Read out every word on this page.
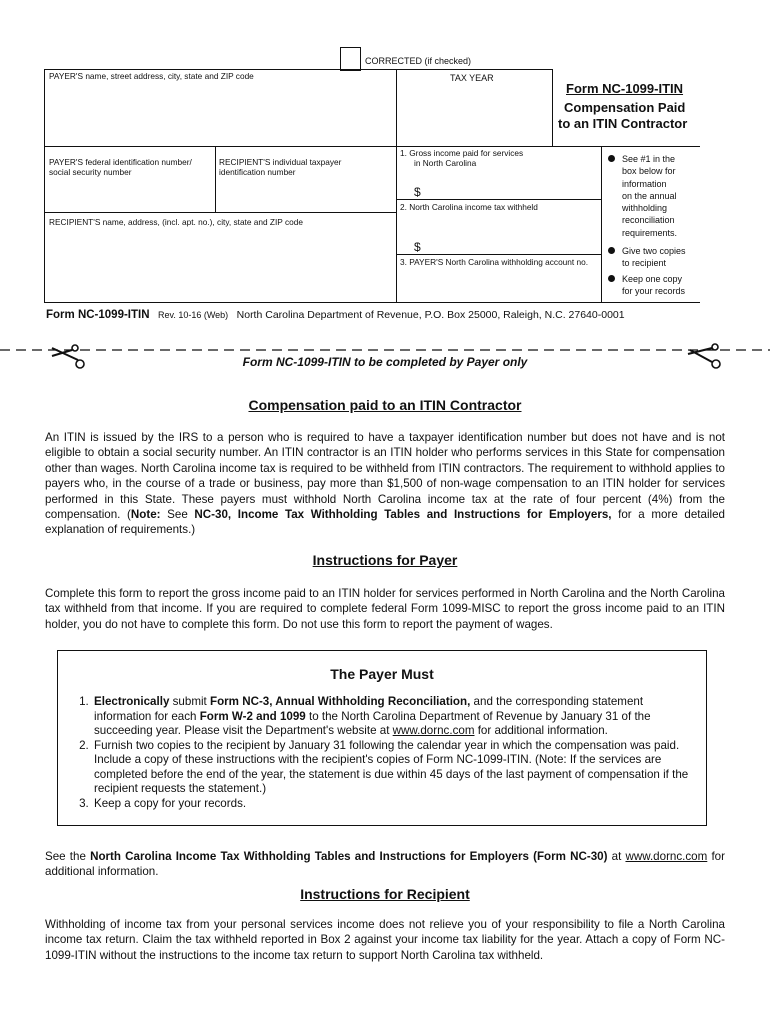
CORRECTED (if checked)
PAYER'S name, street address, city, state and ZIP code	TAX YEAR
Form NC-1099-ITIN
Compensation Paid
to an ITIN Contractor
PAYER'S federal identification number/
social security number
RECIPIENT'S individual taxpayer
identification number
RECIPIENT'S name, address, (incl. apt. no.), city, state and ZIP code
1. Gross income paid for services
in North Carolina
$
2. North Carolina income tax withheld
$
3. PAYER'S North Carolina withholding account no.
See #1 in the
box below for
information
on the annual
withholding
reconciliation
requirements.
Give two copies
to recipient
Keep one copy
for your records
Form NC-1099-ITIN Rev. 10-16 (Web) North Carolina Department of Revenue, P.O. Box 25000, Raleigh, N.C. 27640-0001
Form NC-1099-ITIN to be completed by Payer only
Compensation paid to an ITIN Contractor
An ITIN is issued by the IRS to a person who is required to have a taxpayer identification number but does not have and is not eligible to obtain a social security number. An ITIN contractor is an ITIN holder who performs services in this State for compensation other than wages. North Carolina income tax is required to be withheld from ITIN contractors. The requirement to withhold applies to payers who, in the course of a trade or business, pay more than $1,500 of non-wage compensation to an ITIN holder for services performed in this State. These payers must withhold North Carolina income tax at the rate of four percent (4%) from the compensation. (Note: See NC-30, Income Tax Withholding Tables and Instructions for Employers, for a more detailed explanation of requirements.)
Instructions for Payer
Complete this form to report the gross income paid to an ITIN holder for services performed in North Carolina and the North Carolina tax withheld from that income. If you are required to complete federal Form 1099-MISC to report the gross income paid to an ITIN holder, you do not have to complete this form. Do not use this form to report the payment of wages.
The Payer Must
1. Electronically submit Form NC-3, Annual Withholding Reconciliation, and the corresponding statement information for each Form W-2 and 1099 to the North Carolina Department of Revenue by January 31 of the succeeding year. Please visit the Department's website at www.dornc.com for additional information.
2. Furnish two copies to the recipient by January 31 following the calendar year in which the compensation was paid. Include a copy of these instructions with the recipient's copies of Form NC-1099-ITIN. (Note: If the services are completed before the end of the year, the statement is due within 45 days of the last payment of compensation if the recipient requests the statement.)
3. Keep a copy for your records.
See the North Carolina Income Tax Withholding Tables and Instructions for Employers (Form NC-30) at www.dornc.com for additional information.
Instructions for Recipient
Withholding of income tax from your personal services income does not relieve you of your responsibility to file a North Carolina income tax return. Claim the tax withheld reported in Box 2 against your income tax liability for the year. Attach a copy of Form NC-1099-ITIN without the instructions to the income tax return to support North Carolina tax withheld.
